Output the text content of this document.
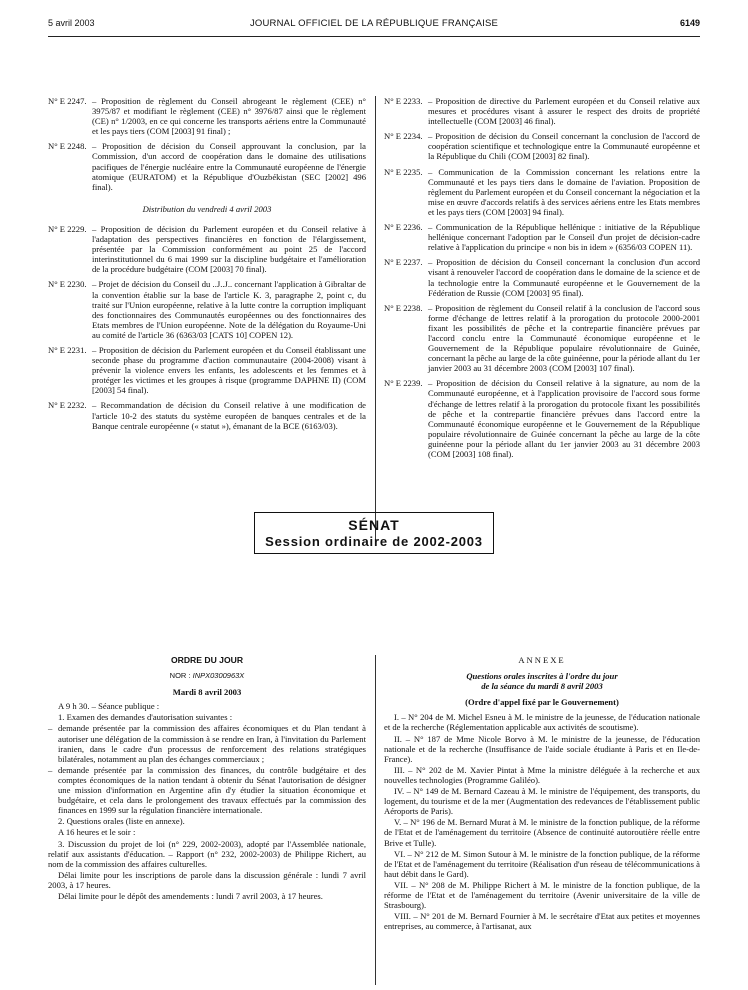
5 avril 2003	JOURNAL OFFICIEL DE LA RÉPUBLIQUE FRANÇAISE	6149
N° E 2247. – Proposition de règlement du Conseil abrogeant le règlement (CEE) n° 3975/87 et modifiant le règlement (CEE) n° 3976/87 ainsi que le règlement (CE) n° 1/2003, en ce qui concerne les transports aériens entre la Communauté et les pays tiers (COM [2003] 91 final) ;
N° E 2248. – Proposition de décision du Conseil approuvant la conclusion, par la Commission, d'un accord de coopération dans le domaine des utilisations pacifiques de l'énergie nucléaire entre la Communauté européenne de l'énergie atomique (EURATOM) et la République d'Ouzbékistan (SEC [2002] 496 final).
Distribution du vendredi 4 avril 2003
N° E 2229. – Proposition de décision du Parlement européen et du Conseil relative à l'adaptation des perspectives financières en fonction de l'élargissement, présentée par la Commission conformément au point 25 de l'accord interinstitutionnel du 6 mai 1999 sur la discipline budgétaire et l'amélioration de la procédure budgétaire (COM [2003] 70 final).
N° E 2230. – Projet de décision du Conseil du ..J..J.. concernant l'application à Gibraltar de la convention établie sur la base de l'article K. 3, paragraphe 2, point c, du traité sur l'Union européenne, relative à la lutte contre la corruption impliquant des fonctionnaires des Communautés européennes ou des fonctionnaires des Etats membres de l'Union européenne. Note de la délégation du Royaume-Uni au comité de l'article 36 (6363/03 [CATS 10] COPEN 12).
N° E 2231. – Proposition de décision du Parlement européen et du Conseil établissant une seconde phase du programme d'action communautaire (2004-2008) visant à prévenir la violence envers les enfants, les adolescents et les femmes et à protéger les victimes et les groupes à risque (programme DAPHNE II) (COM [2003] 54 final).
N° E 2232. – Recommandation de décision du Conseil relative à une modification de l'article 10-2 des statuts du système européen de banques centrales et de la Banque centrale européenne (« statut »), émanant de la BCE (6163/03).
N° E 2233. – Proposition de directive du Parlement européen et du Conseil relative aux mesures et procédures visant à assurer le respect des droits de propriété intellectuelle (COM [2003] 46 final).
N° E 2234. – Proposition de décision du Conseil concernant la conclusion de l'accord de coopération scientifique et technologique entre la Communauté européenne et la République du Chili (COM [2003] 82 final).
N° E 2235. – Communication de la Commission concernant les relations entre la Communauté et les pays tiers dans le domaine de l'aviation. Proposition de règlement du Parlement européen et du Conseil concernant la négociation et la mise en œuvre d'accords relatifs à des services aériens entre les Etats membres et les pays tiers (COM [2003] 94 final).
N° E 2236. – Communication de la République hellénique : initiative de la République hellénique concernant l'adoption par le Conseil d'un projet de décision-cadre relative à l'application du principe « non bis in idem » (6356/03 COPEN 11).
N° E 2237. – Proposition de décision du Conseil concernant la conclusion d'un accord visant à renouveler l'accord de coopération dans le domaine de la science et de la technologie entre la Communauté européenne et le Gouvernement de la Fédération de Russie (COM [2003] 95 final).
N° E 2238. – Proposition de règlement du Conseil relatif à la conclusion de l'accord sous forme d'échange de lettres relatif à la prorogation du protocole 2000-2001 fixant les possibilités de pêche et la contrepartie financière prévues par l'accord conclu entre la Communauté économique européenne et le Gouvernement de la République populaire révolutionnaire de Guinée, concernant la pêche au large de la côte guinéenne, pour la période allant du 1er janvier 2003 au 31 décembre 2003 (COM [2003] 107 final).
N° E 2239. – Proposition de décision du Conseil relative à la signature, au nom de la Communauté européenne, et à l'application provisoire de l'accord sous forme d'échange de lettres relatif à la prorogation du protocole fixant les possibilités de pêche et la contrepartie financière prévues dans l'accord entre la Communauté économique européenne et le Gouvernement de la République populaire révolutionnaire de Guinée concernant la pêche au large de la côte guinéenne pour la période allant du 1er janvier 2003 au 31 décembre 2003 (COM [2003] 108 final).
SÉNAT
Session ordinaire de 2002-2003
ORDRE DU JOUR
NOR : INPX0300963X
Mardi 8 avril 2003
A 9 h 30. – Séance publique :
1. Examen des demandes d'autorisation suivantes :
– demande présentée par la commission des affaires économiques et du Plan tendant à autoriser une délégation de la commission à se rendre en Iran, à l'invitation du Parlement iranien, dans le cadre d'un processus de renforcement des relations stratégiques bilatérales, notamment au plan des échanges commerciaux ;
– demande présentée par la commission des finances, du contrôle budgétaire et des comptes économiques de la nation tendant à obtenir du Sénat l'autorisation de désigner une mission d'information en Argentine afin d'y étudier la situation économique et budgétaire, et cela dans le prolongement des travaux effectués par la commission des finances en 1999 sur la régulation financière internationale.
2. Questions orales (liste en annexe).
A 16 heures et le soir :
3. Discussion du projet de loi (n° 229, 2002-2003), adopté par l'Assemblée nationale, relatif aux assistants d'éducation. – Rapport (n° 232, 2002-2003) de Philippe Richert, au nom de la commission des affaires culturelles.
Délai limite pour les inscriptions de parole dans la discussion générale : lundi 7 avril 2003, à 17 heures.
Délai limite pour le dépôt des amendements : lundi 7 avril 2003, à 17 heures.
ANNEXE
Questions orales inscrites à l'ordre du jour
de la séance du mardi 8 avril 2003
(Ordre d'appel fixé par le Gouvernement)
I. – N° 204 de M. Michel Esneu à M. le ministre de la jeunesse, de l'éducation nationale et de la recherche (Réglementation applicable aux activités de scoutisme).
II. – N° 187 de Mme Nicole Borvo à M. le ministre de la jeunesse, de l'éducation nationale et de la recherche (Insuffisance de l'aide sociale étudiante à Paris et en Ile-de-France).
III. – N° 202 de M. Xavier Pintat à Mme la ministre déléguée à la recherche et aux nouvelles technologies (Programme Galiléo).
IV. – N° 149 de M. Bernard Cazeau à M. le ministre de l'équipement, des transports, du logement, du tourisme et de la mer (Augmentation des redevances de l'établissement public Aéroports de Paris).
V. – N° 196 de M. Bernard Murat à M. le ministre de la fonction publique, de la réforme de l'Etat et de l'aménagement du territoire (Absence de continuité autoroutière réelle entre Brive et Tulle).
VI. – N° 212 de M. Simon Sutour à M. le ministre de la fonction publique, de la réforme de l'Etat et de l'aménagement du territoire (Réalisation d'un réseau de télécommunications à haut débit dans le Gard).
VII. – N° 208 de M. Philippe Richert à M. le ministre de la fonction publique, de la réforme de l'Etat et de l'aménagement du territoire (Avenir universitaire de la ville de Strasbourg).
VIII. – N° 201 de M. Bernard Fournier à M. le secrétaire d'Etat aux petites et moyennes entreprises, au commerce, à l'artisanat, aux
